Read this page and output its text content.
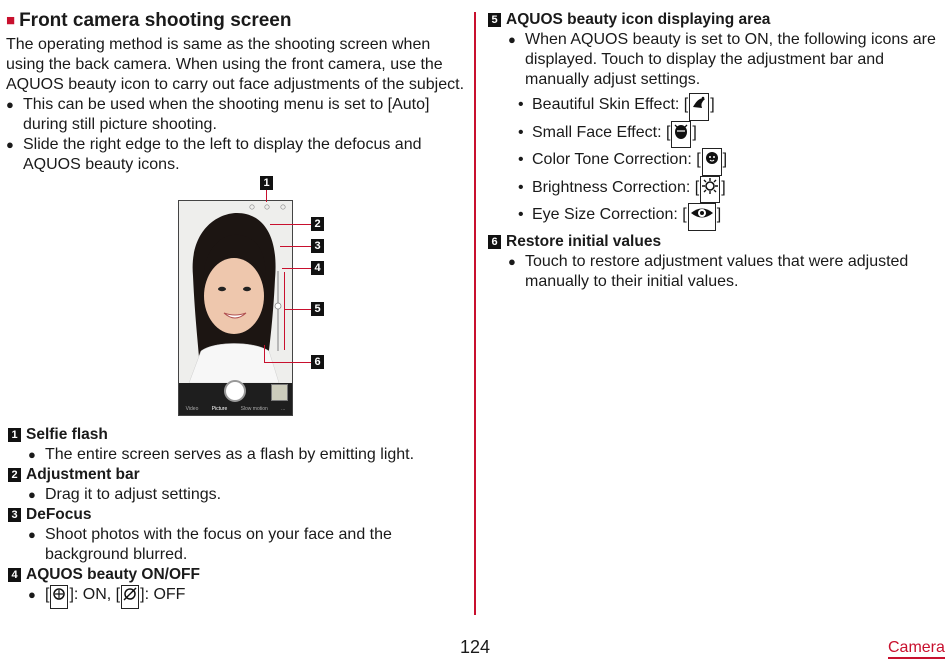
■ Front camera shooting screen

The operating method is same as the shooting screen when using the back camera. When using the front camera, use the AQUOS beauty icon to carry out face adjustments of the subject.

● This can be used when the shooting menu is set to [Auto] during still picture shooting.
● Slide the right edge to the left to display the defocus and AQUOS beauty icons.
Video	Picture	Slow motion	...
1
2
3
4
5
6
1 Selfie flash
● The entire screen serves as a flash by emitting light.
2 Adjustment bar
● Drag it to adjust settings.
3 DeFocus
● Shoot photos with the focus on your face and the background blurred.
4 AQUOS beauty ON/OFF
● [ ]: ON, [ ]: OFF
5 AQUOS beauty icon displaying area
● When AQUOS beauty is set to ON, the following icons are displayed. Touch to display the adjustment bar and manually adjust settings.
• Beautiful Skin Effect: [ ]
• Small Face Effect: [ ]
• Color Tone Correction: [ ]
• Brightness Correction: [ ]
• Eye Size Correction: [ ]
6 Restore initial values
● Touch to restore adjustment values that were adjusted manually to their initial values.
124	Camera
